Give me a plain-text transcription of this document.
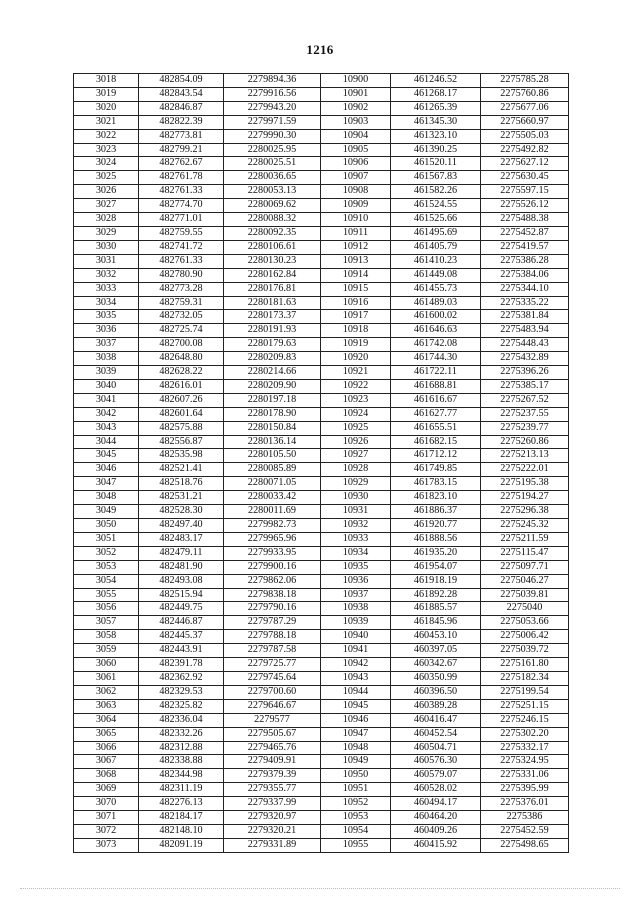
1216
3018	482854.09	2279894.36	10900	461246.52	2275785.28
3019	482843.54	2279916.56	10901	461268.17	2275760.86
3020	482846.87	2279943.20	10902	461265.39	2275677.06
3021	482822.39	2279971.59	10903	461345.30	2275660.97
3022	482773.81	2279990.30	10904	461323.10	2275505.03
3023	482799.21	2280025.95	10905	461390.25	2275492.82
3024	482762.67	2280025.51	10906	461520.11	2275627.12
3025	482761.78	2280036.65	10907	461567.83	2275630.45
3026	482761.33	2280053.13	10908	461582.26	2275597.15
3027	482774.70	2280069.62	10909	461524.55	2275526.12
3028	482771.01	2280088.32	10910	461525.66	2275488.38
3029	482759.55	2280092.35	10911	461495.69	2275452.87
3030	482741.72	2280106.61	10912	461405.79	2275419.57
3031	482761.33	2280130.23	10913	461410.23	2275386.28
3032	482780.90	2280162.84	10914	461449.08	2275384.06
3033	482773.28	2280176.81	10915	461455.73	2275344.10
3034	482759.31	2280181.63	10916	461489.03	2275335.22
3035	482732.05	2280173.37	10917	461600.02	2275381.84
3036	482725.74	2280191.93	10918	461646.63	2275483.94
3037	482700.08	2280179.63	10919	461742.08	2275448.43
3038	482648.80	2280209.83	10920	461744.30	2275432.89
3039	482628.22	2280214.66	10921	461722.11	2275396.26
3040	482616.01	2280209.90	10922	461688.81	2275385.17
3041	482607.26	2280197.18	10923	461616.67	2275267.52
3042	482601.64	2280178.90	10924	461627.77	2275237.55
3043	482575.88	2280150.84	10925	461655.51	2275239.77
3044	482556.87	2280136.14	10926	461682.15	2275260.86
3045	482535.98	2280105.50	10927	461712.12	2275213.13
3046	482521.41	2280085.89	10928	461749.85	2275222.01
3047	482518.76	2280071.05	10929	461783.15	2275195.38
3048	482531.21	2280033.42	10930	461823.10	2275194.27
3049	482528.30	2280011.69	10931	461886.37	2275296.38
3050	482497.40	2279982.73	10932	461920.77	2275245.32
3051	482483.17	2279965.96	10933	461888.56	2275211.59
3052	482479.11	2279933.95	10934	461935.20	2275115.47
3053	482481.90	2279900.16	10935	461954.07	2275097.71
3054	482493.08	2279862.06	10936	461918.19	2275046.27
3055	482515.94	2279838.18	10937	461892.28	2275039.81
3056	482449.75	2279790.16	10938	461885.57	2275040
3057	482446.87	2279787.29	10939	461845.96	2275053.66
3058	482445.37	2279788.18	10940	460453.10	2275006.42
3059	482443.91	2279787.58	10941	460397.05	2275039.72
3060	482391.78	2279725.77	10942	460342.67	2275161.80
3061	482362.92	2279745.64	10943	460350.99	2275182.34
3062	482329.53	2279700.60	10944	460396.50	2275199.54
3063	482325.82	2279646.67	10945	460389.28	2275251.15
3064	482336.04	2279577	10946	460416.47	2275246.15
3065	482332.26	2279505.67	10947	460452.54	2275302.20
3066	482312.88	2279465.76	10948	460504.71	2275332.17
3067	482338.88	2279409.91	10949	460576.30	2275324.95
3068	482344.98	2279379.39	10950	460579.07	2275331.06
3069	482311.19	2279355.77	10951	460528.02	2275395.99
3070	482276.13	2279337.99	10952	460494.17	2275376.01
3071	482184.17	2279320.97	10953	460464.20	2275386
3072	482148.10	2279320.21	10954	460409.26	2275452.59
3073	482091.19	2279331.89	10955	460415.92	2275498.65
